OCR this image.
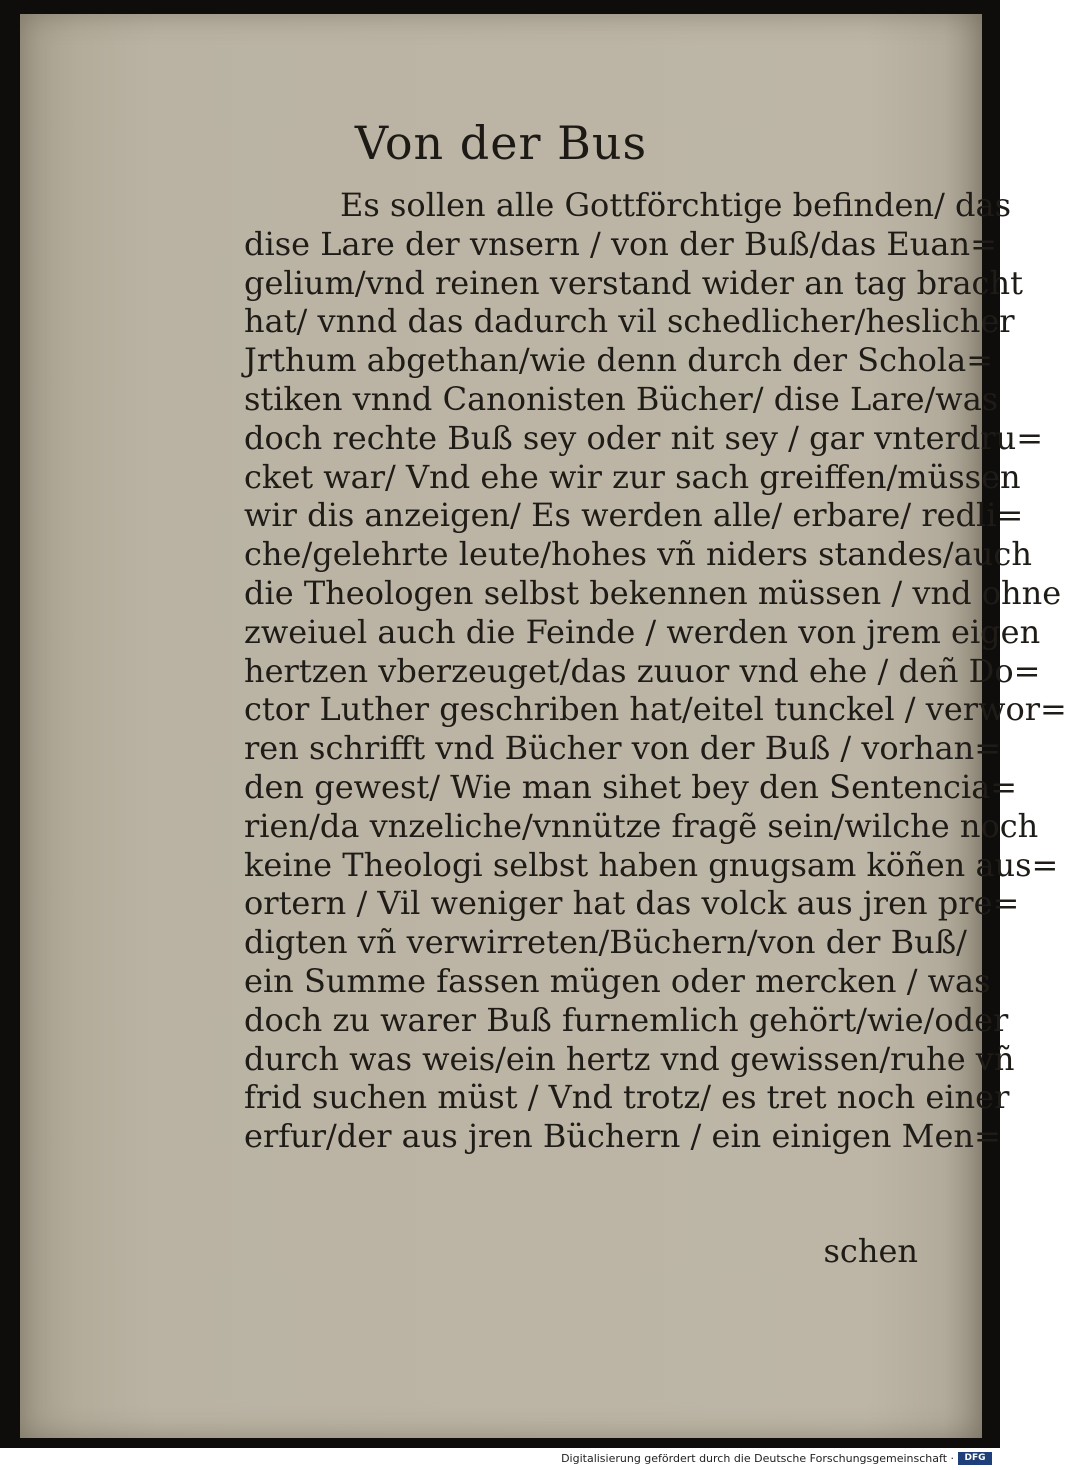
Von der Bus
Es sollen alle Gottförchtige befinden/ das
dise Lare der vnsern / von der Buß/das Euan=
gelium/vnd reinen verstand wider an tag bracht
hat/ vnnd das dadurch vil schedlicher/heslicher
Jrthum abgethan/wie denn durch der Schola=
stiken vnnd Canonisten Bücher/ dise Lare/was
doch rechte Buß sey oder nit sey / gar vnterdru=
cket war/ Vnd ehe wir zur sach greiffen/müssen
wir dis anzeigen/ Es werden alle/ erbare/ redli=
che/gelehrte leute/hohes vñ niders standes/auch
die Theologen selbst bekennen müssen / vnd ohne
zweiuel auch die Feinde / werden von jrem eigen
hertzen vberzeuget/das zuuor vnd ehe / deñ Do=
ctor Luther geschriben hat/eitel tunckel / verwor=
ren schrifft vnd Bücher von der Buß / vorhan=
den gewest/ Wie man sihet bey den Sentencia=
rien/da vnzeliche/vnnütze fragẽ sein/wilche noch
keine Theologi selbst haben gnugsam köñen aus=
ortern / Vil weniger hat das volck aus jren pre=
digten vñ verwirreten/Büchern/von der Buß/
ein Summe fassen mügen oder mercken / was
doch zu warer Buß furnemlich gehört/wie/oder
durch was weis/ein hertz vnd gewissen/ruhe vñ
frid suchen müst / Vnd trotz/ es tret noch einer
erfur/der aus jren Büchern / ein einigen Men=
schen
Digitalisierung gefördert durch die Deutsche Forschungsgemeinschaft ·	DFG
